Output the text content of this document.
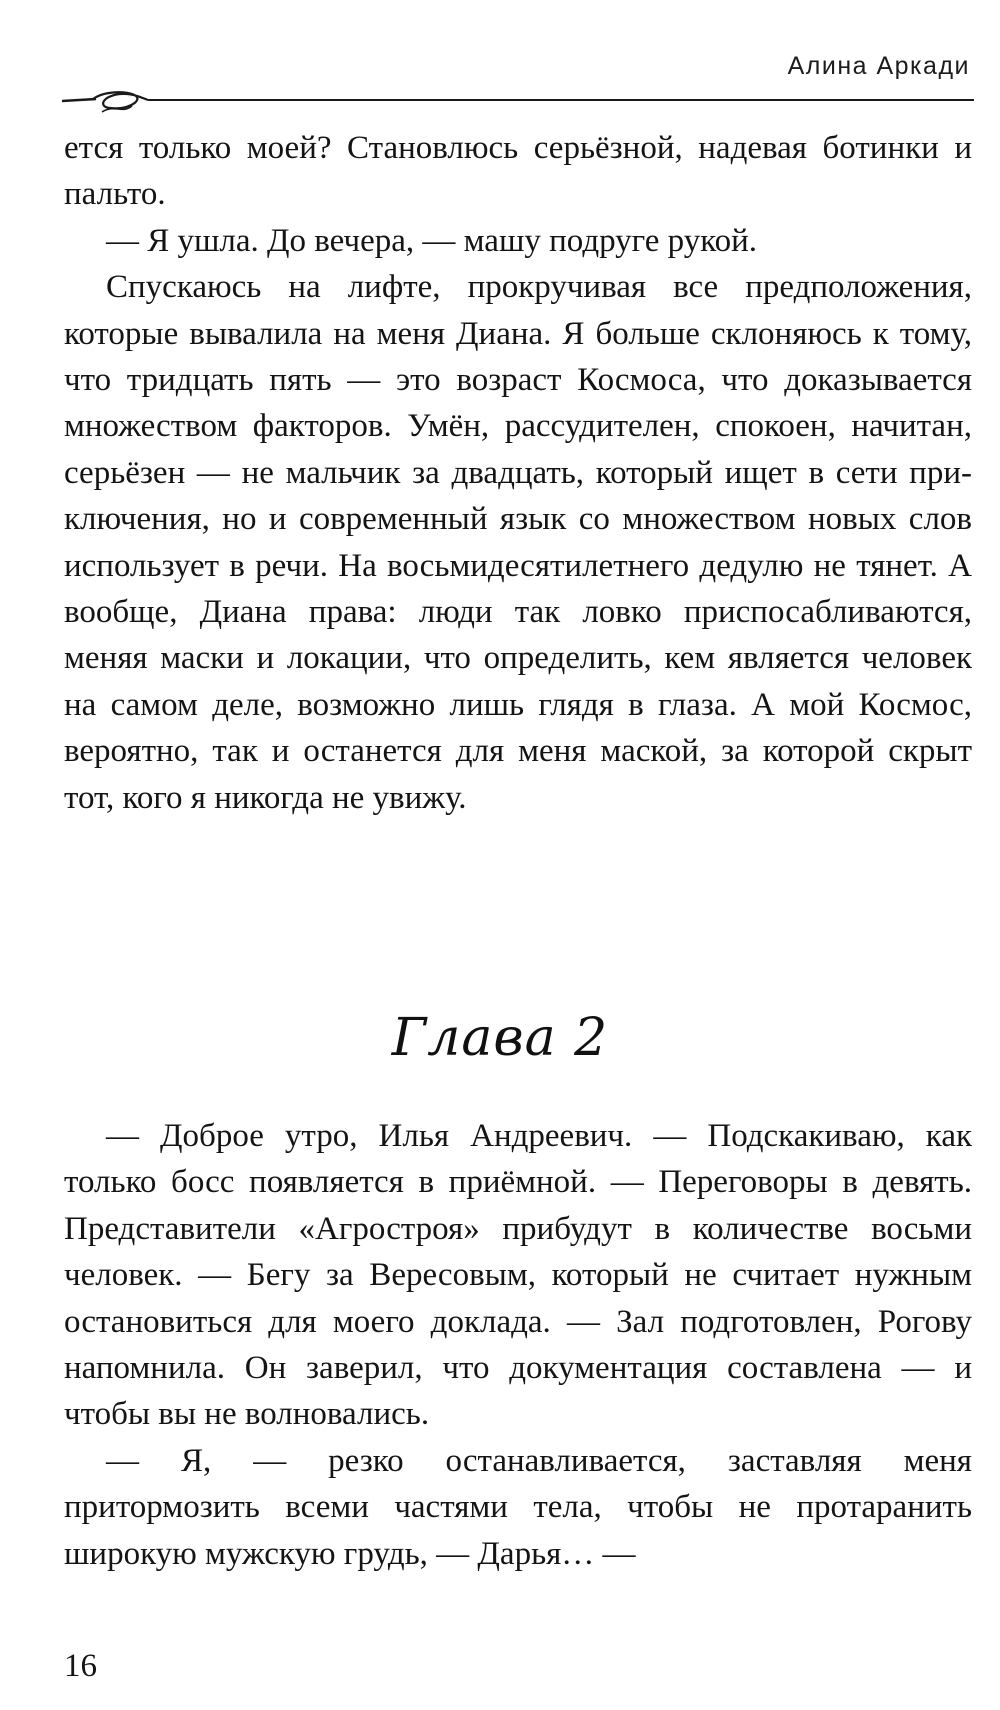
Алина Аркади

ется только моей? Становлюсь серьёзной, надевая ботинки и пальто.

— Я ушла. До вечера, — машу подруге рукой.

Спускаюсь на лифте, прокручивая все предположения, которые вывалила на меня Диана. Я больше склоняюсь к тому, что тридцать пять — это возраст Космоса, что доказывается множеством факторов. Умён, рассудителен, спокоен, начитан, серьёзен — не мальчик за двадцать, который ищет в сети приключения, но и современный язык со множеством новых слов использует в речи. На восьмидесятилетнего дедулю не тянет. А вообще, Диана права: люди так ловко приспосабливаются, меняя маски и локации, что определить, кем является человек на самом деле, возможно лишь глядя в глаза. А мой Космос, вероятно, так и останется для меня маской, за которой скрыт тот, кого я никогда не увижу.

Глава 2

— Доброе утро, Илья Андреевич. — Подскакиваю, как только босс появляется в приёмной. — Переговоры в девять. Представители «Агростроя» прибудут в количестве восьми человек. — Бегу за Вересовым, который не считает нужным остановиться для моего доклада. — Зал подготовлен, Рогову напомнила. Он заверил, что документация составлена — и чтобы вы не волновались.

— Я, — резко останавливается, заставляя меня притормозить всеми частями тела, чтобы не протаранить широкую мужскую грудь, — Дарья… —

16
